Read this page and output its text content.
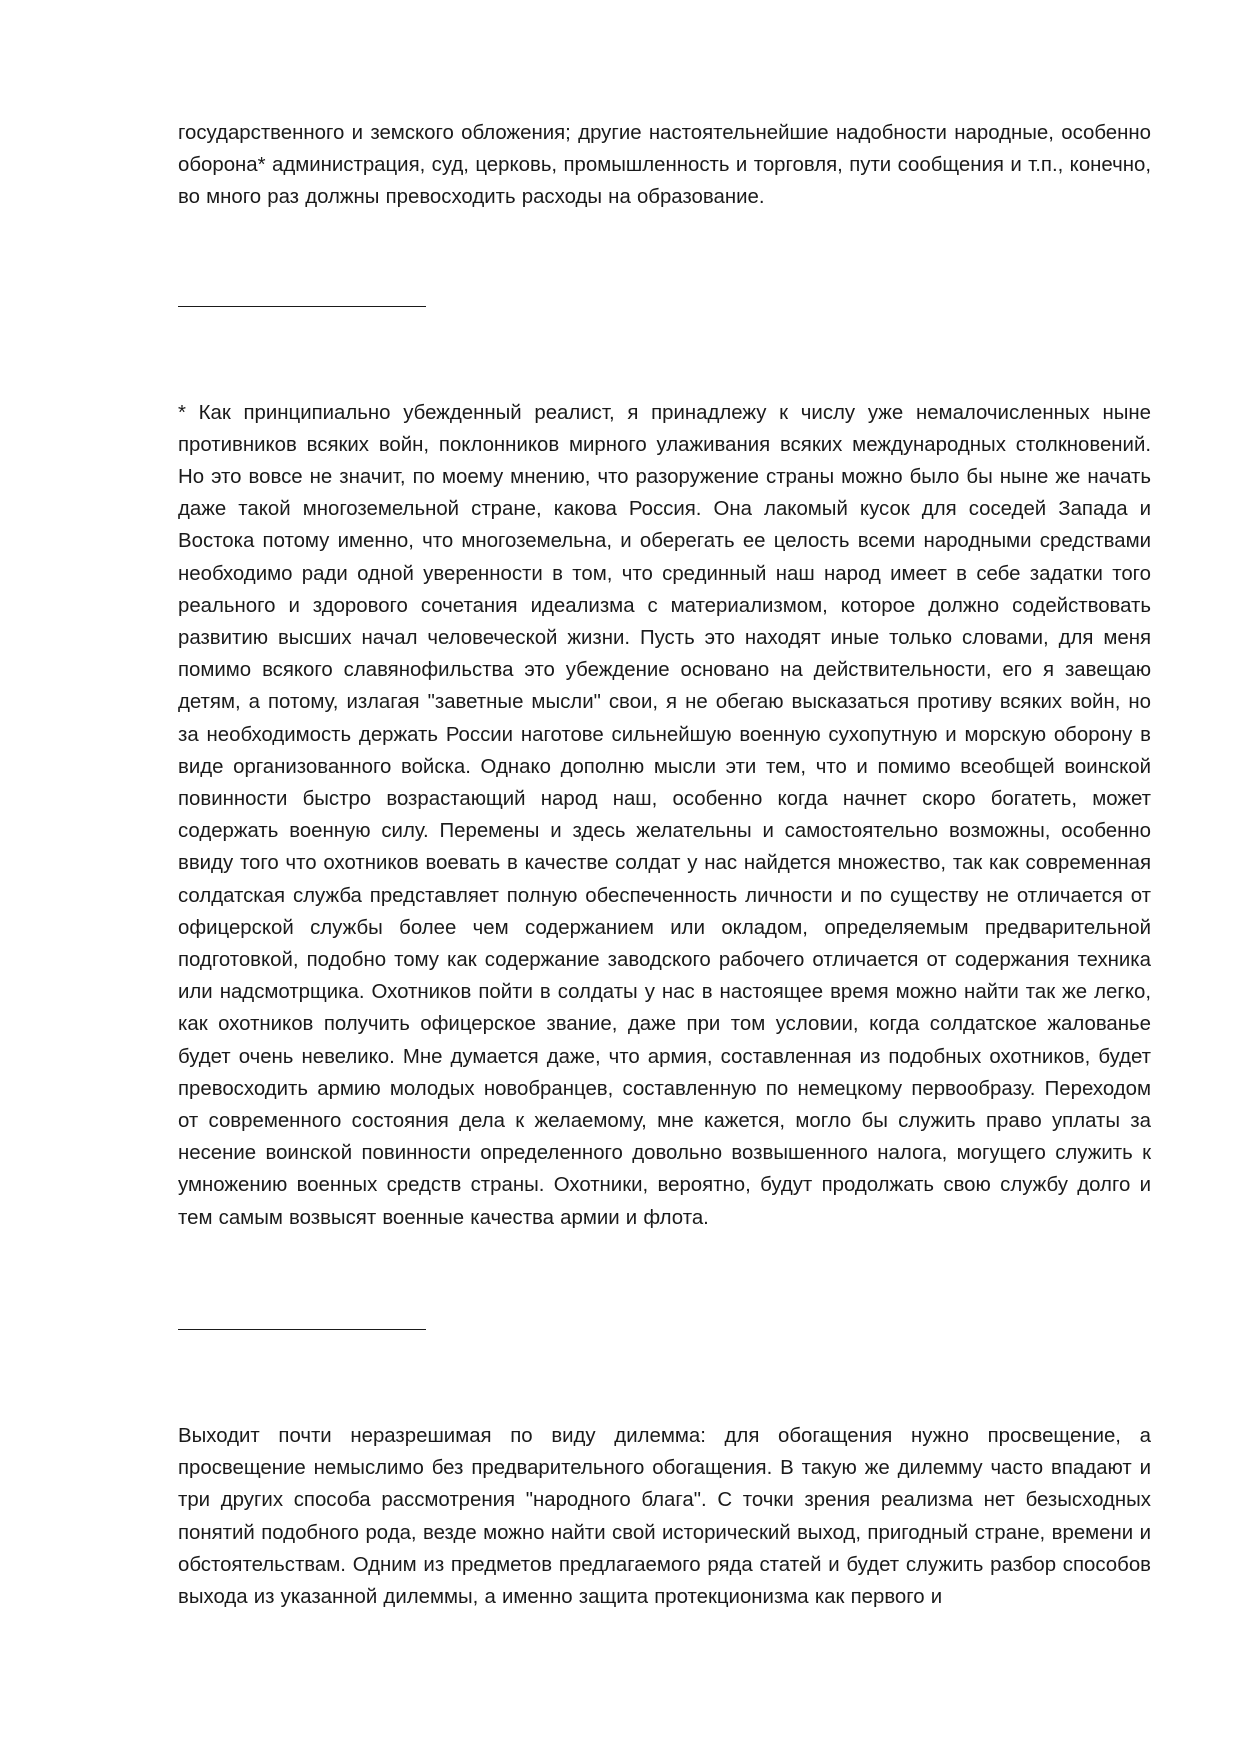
государственного и земского обложения; другие настоятельнейшие надобности народные, особенно оборона* администрация, суд, церковь, промышленность и торговля, пути сообщения и т.п., конечно, во много раз должны превосходить расходы на образование.

* Как принципиально убежденный реалист, я принадлежу к числу уже немалочисленных ныне противников всяких войн, поклонников мирного улаживания всяких международных столкновений. Но это вовсе не значит, по моему мнению, что разоружение страны можно было бы ныне же начать даже такой многоземельной стране, какова Россия. Она лакомый кусок для соседей Запада и Востока потому именно, что многоземельна, и оберегать ее целость всеми народными средствами необходимо ради одной уверенности в том, что срединный наш народ имеет в себе задатки того реального и здорового сочетания идеализма с материализмом, которое должно содействовать развитию высших начал человеческой жизни. Пусть это находят иные только словами, для меня помимо всякого славянофильства это убеждение основано на действительности, его я завещаю детям, а потому, излагая "заветные мысли" свои, я не обегаю высказаться противу всяких войн, но за необходимость держать России наготове сильнейшую военную сухопутную и морскую оборону в виде организованного войска. Однако дополню мысли эти тем, что и помимо всеобщей воинской повинности быстро возрастающий народ наш, особенно когда начнет скоро богатеть, может содержать военную силу. Перемены и здесь желательны и самостоятельно возможны, особенно ввиду того что охотников воевать в качестве солдат у нас найдется множество, так как современная солдатская служба представляет полную обеспеченность личности и по существу не отличается от офицерской службы более чем содержанием или окладом, определяемым предварительной подготовкой, подобно тому как содержание заводского рабочего отличается от содержания техника или надсмотрщика. Охотников пойти в солдаты у нас в настоящее время можно найти так же легко, как охотников получить офицерское звание, даже при том условии, когда солдатское жалованье будет очень невелико. Мне думается даже, что армия, составленная из подобных охотников, будет превосходить армию молодых новобранцев, составленную по немецкому первообразу. Переходом от современного состояния дела к желаемому, мне кажется, могло бы служить право уплаты за несение воинской повинности определенного довольно возвышенного налога, могущего служить к умножению военных средств страны. Охотники, вероятно, будут продолжать свою службу долго и тем самым возвысят военные качества армии и флота.

Выходит почти неразрешимая по виду дилемма: для обогащения нужно просвещение, а просвещение немыслимо без предварительного обогащения. В такую же дилемму часто впадают и три других способа рассмотрения "народного блага". С точки зрения реализма нет безысходных понятий подобного рода, везде можно найти свой исторический выход, пригодный стране, времени и обстоятельствам. Одним из предметов предлагаемого ряда статей и будет служить разбор способов выхода из указанной дилеммы, а именно защита протекционизма как первого и
